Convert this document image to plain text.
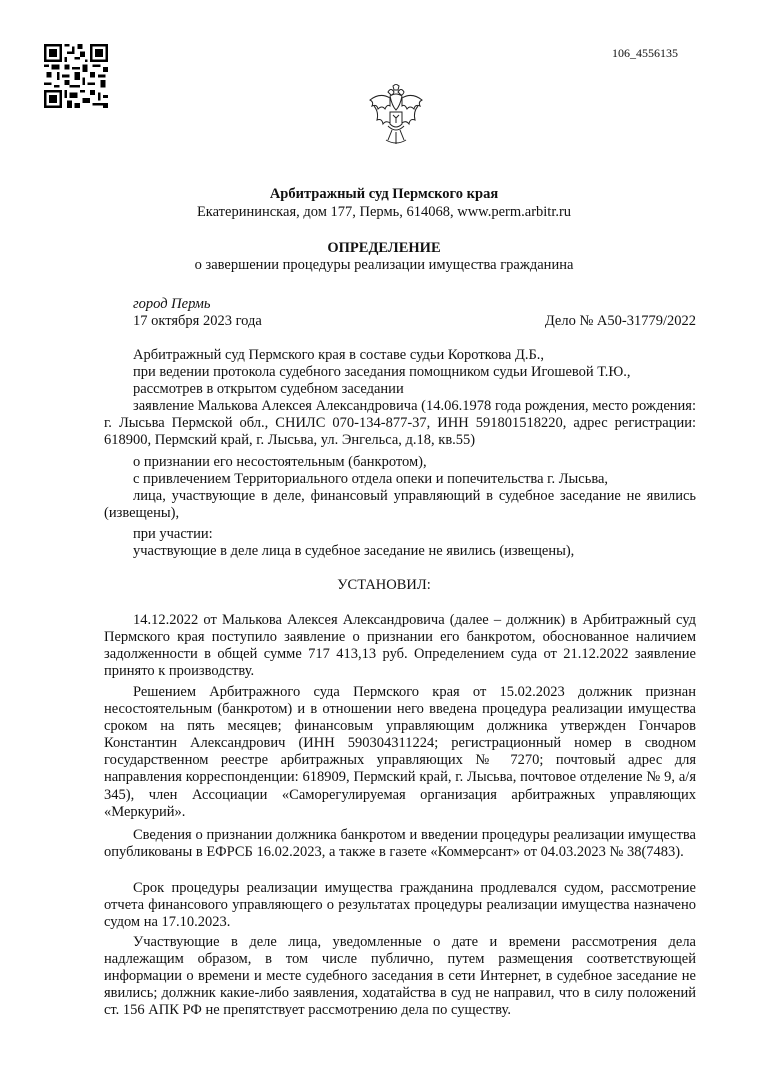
106_4556135
Арбитражный суд Пермского края
Екатерининская, дом 177, Пермь, 614068, www.perm.arbitr.ru
ОПРЕДЕЛЕНИЕ
о завершении процедуры реализации имущества гражданина
город Пермь
17 октября 2023 года	Дело № А50-31779/2022
Арбитражный суд Пермского края в составе судьи Короткова Д.Б.,
при ведении протокола судебного заседания помощником судьи Игошевой Т.Ю.,
рассмотрев в открытом судебном заседании

заявление Малькова Алексея Александровича (14.06.1978 года рождения, место рождения: г. Лысьва Пермской обл., СНИЛС 070-134-877-37, ИНН 591801518220, адрес регистрации: 618900, Пермский край, г. Лысьва, ул. Энгельса, д.18, кв.55)

о признании его несостоятельным (банкротом),
с привлечением Территориального отдела опеки и попечительства г. Лысьва,

лица, участвующие в деле, финансовый управляющий в судебное заседание не явились (извещены),

при участии:
участвующие в деле лица в судебное заседание не явились (извещены),
УСТАНОВИЛ:

14.12.2022 от Малькова Алексея Александровича (далее – должник) в Арбитражный суд Пермского края поступило заявление о признании его банкротом, обоснованное наличием задолженности в общей сумме 717 413,13 руб. Определением суда от 21.12.2022 заявление принято к производству.

Решением Арбитражного суда Пермского края от 15.02.2023 должник признан несостоятельным (банкротом) и в отношении него введена процедура реализации имущества сроком на пять месяцев; финансовым управляющим должника утвержден Гончаров Константин Александрович (ИНН 590304311224; регистрационный номер в сводном государственном реестре арбитражных управляющих № 7270; почтовый адрес для направления корреспонденции: 618909, Пермский край, г. Лысьва, почтовое отделение № 9, а/я 345), член Ассоциации «Саморегулируемая организация арбитражных управляющих «Меркурий».

Сведения о признании должника банкротом и введении процедуры реализации имущества опубликованы в ЕФРСБ 16.02.2023, а также в газете «Коммерсант» от 04.03.2023 № 38(7483).

Срок процедуры реализации имущества гражданина продлевался судом, рассмотрение отчета финансового управляющего о результатах процедуры реализации имущества назначено судом на 17.10.2023.

Участвующие в деле лица, уведомленные о дате и времени рассмотрения дела надлежащим образом, в том числе публично, путем размещения соответствующей информации о времени и месте судебного заседания в сети Интернет, в судебное заседание не явились; должник какие-либо заявления, ходатайства в суд не направил, что в силу положений ст. 156 АПК РФ не препятствует рассмотрению дела по существу.
